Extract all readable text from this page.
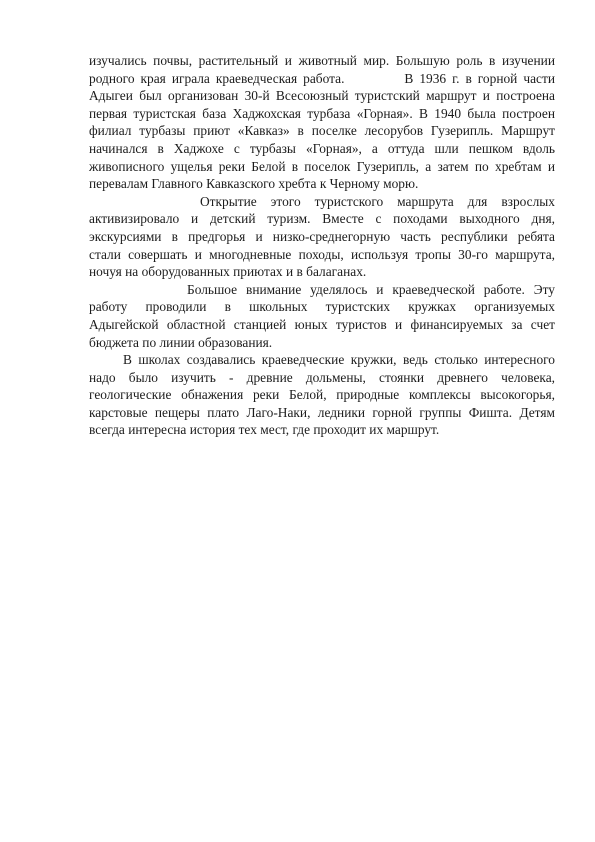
изучались почвы, растительный и животный мир. Большую роль в изучении
родного края играла краеведческая работа.          В 1936 г. в горной части
Адыгеи был организован 30-й Всесоюзный туристский маршрут и построена
первая туристская база Хаджохская турбаза «Горная». В 1940 была построен
филиал турбазы приют «Кавказ» в поселке лесорубов Гузерипль. Маршрут
начинался в Хаджохе с турбазы «Горная», а оттуда шли пешком вдоль
живописного ущелья реки Белой в поселок Гузерипль, а затем по хребтам и
перевалам Главного Кавказского хребта к Черному морю.
Открытие этого туристского маршрута для взрослых
активизировало и детский туризм. Вместе с походами выходного дня,
экскурсиями в предгорья и низко-среднегорную часть республики ребята
стали совершать и многодневные походы, используя тропы 30-го маршрута,
ночуя на оборудованных приютах и в балаганах.
Большое внимание уделялось и краеведческой работе. Эту
работу проводили в школьных туристских кружках организуемых
Адыгейской областной станцией юных туристов и финансируемых за счет
бюджета по линии образования.
В школах создавались краеведческие кружки, ведь столько интересного
надо было изучить - древние дольмены, стоянки древнего человека,
геологические обнажения реки Белой, природные комплексы высокогорья,
карстовые пещеры плато Лаго-Наки, ледники горной группы Фишта. Детям
всегда интересна история тех мест, где проходит их маршрут.
